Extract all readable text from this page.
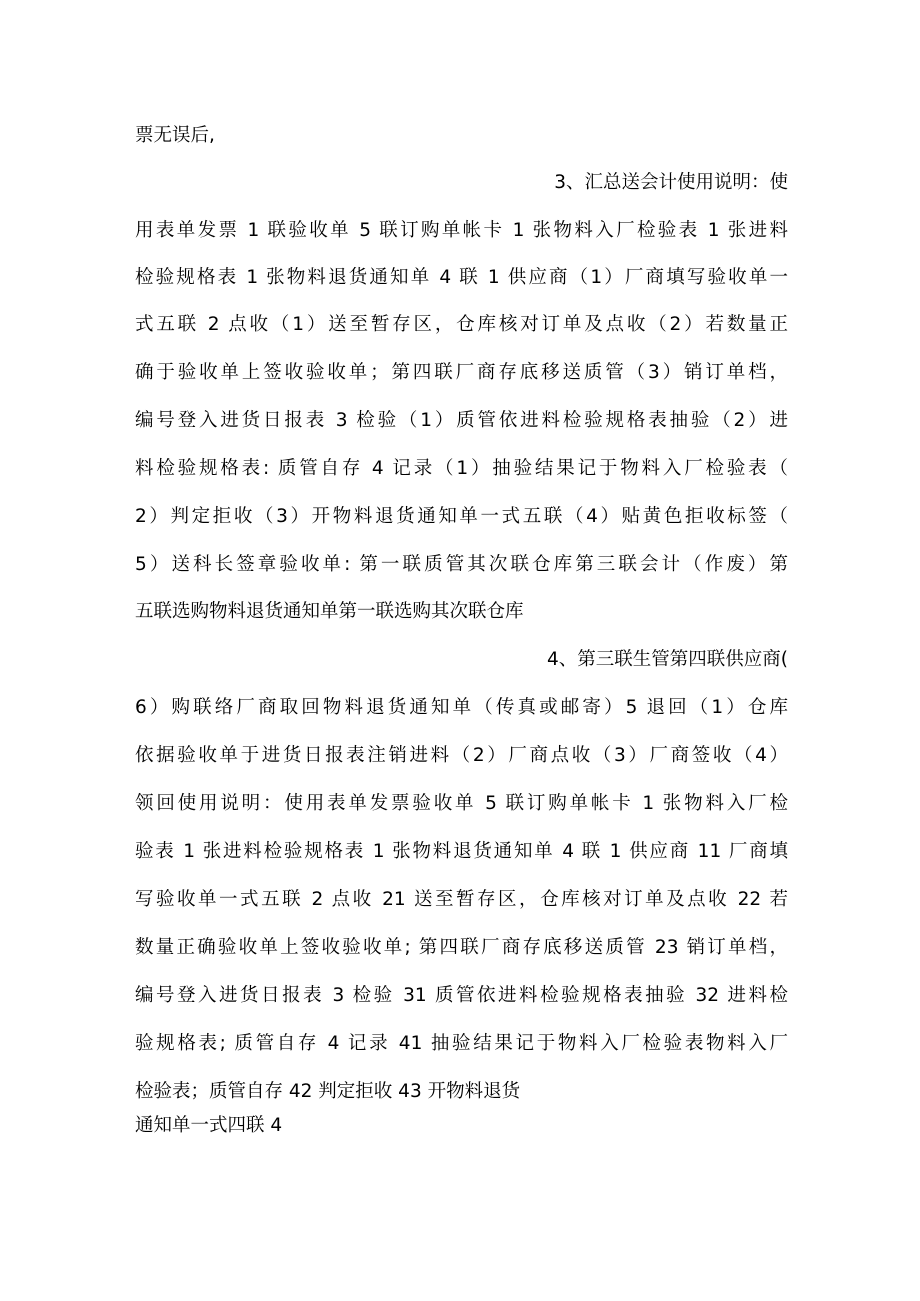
票无误后,
3、汇总送会计使用说明：使
用表单发票 1 联验收单 5 联订购单帐卡 1 张物料入厂检验表 1 张进料
检验规格表 1 张物料退货通知单 4 联 1 供应商（1）厂商填写验收单一
式五联 2 点收（1）送至暂存区，仓库核对订单及点收（2）若数量正
确于验收单上签收验收单；第四联厂商存底移送质管（3）销订单档，
编号登入进货日报表 3 检验（1）质管依进料检验规格表抽验（2）进
料检验规格表: 质管自存 4 记录（1）抽验结果记于物料入厂检验表（
2）判定拒收（3）开物料退货通知单一式五联（4）贴黄色拒收标签（
5）送科长签章验收单: 第一联质管其次联仓库第三联会计（作废）第
五联选购物料退货通知单第一联选购其次联仓库
4、第三联生管第四联供应商(
6）购联络厂商取回物料退货通知单（传真或邮寄）5 退回（1）仓库
依据验收单于进货日报表注销进料（2）厂商点收（3）厂商签收（4）
领回使用说明：使用表单发票验收单 5 联订购单帐卡 1 张物料入厂检
验表 1 张进料检验规格表 1 张物料退货通知单 4 联 1 供应商 11 厂商填
写验收单一式五联 2 点收 21 送至暂存区，仓库核对订单及点收 22 若
数量正确验收单上签收验收单; 第四联厂商存底移送质管 23 销订单档，
编号登入进货日报表 3 检验 31 质管依进料检验规格表抽验 32 进料检
验规格表; 质管自存 4 记录 41 抽验结果记于物料入厂检验表物料入厂
检验表；质管自存 42 判定拒收 43 开物料退货
通知单一式四联 4
